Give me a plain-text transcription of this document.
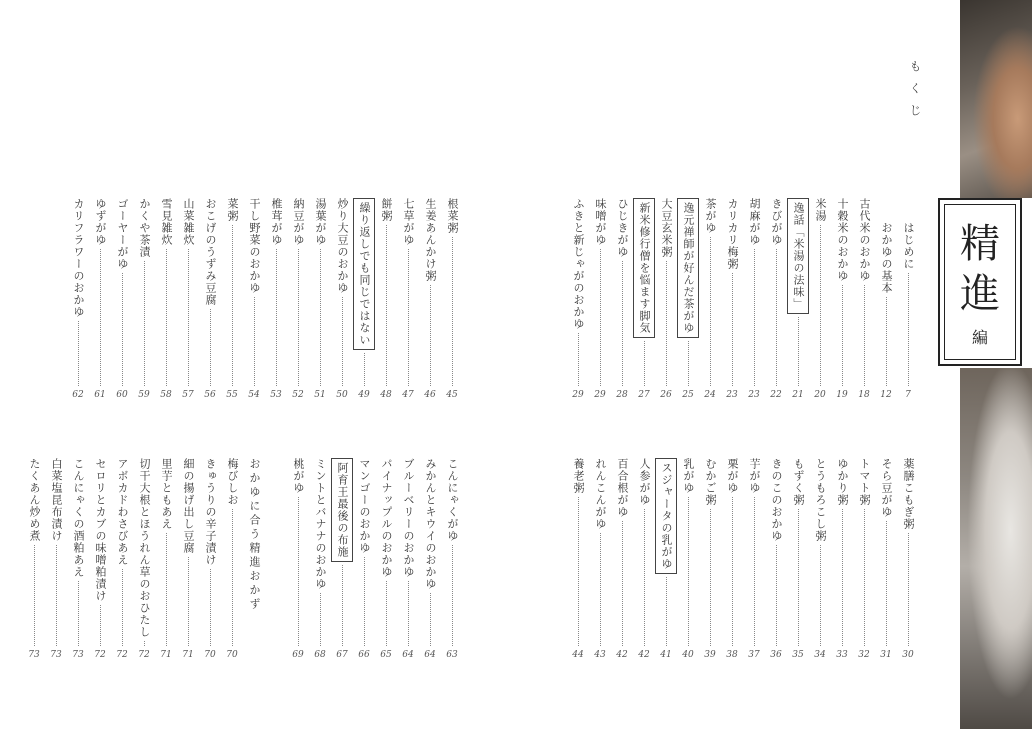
もくじ
精
進
編
はじめに
7
おかゆの基本
12
古代米のおかゆ
18
十穀米のおかゆ
19
米湯
20
逸話「米湯の法味」
21
きびがゆ
22
胡麻がゆ
23
カリカリ梅粥
23
茶がゆ
24
逸元禅師が好んだ茶がゆ
25
大豆玄米粥
26
新米修行僧を悩ます脚気
27
ひじきがゆ
28
味噌がゆ
29
ふきと新じゃがのおかゆ
29
薬膳こもぎ粥
30
そら豆がゆ
31
トマト粥
32
ゆかり粥
33
とうもろこし粥
34
もずく粥
35
きのこのおかゆ
36
芋がゆ
37
栗がゆ
38
むかご粥
39
乳がゆ
40
スジャータの乳がゆ
41
人参がゆ
42
百合根がゆ
42
れんこんがゆ
43
養老粥
44
根菜粥
45
生姜あんかけ粥
46
七草がゆ
47
餅粥
48
繰り返しでも同じではない
49
炒り大豆のおかゆ
50
湯葉がゆ
51
納豆がゆ
52
椎茸がゆ
53
干し野菜のおかゆ
54
菜粥
55
おこげのうずみ豆腐
56
山菜雑炊
57
雪見雑炊
58
かくや茶漬
59
ゴーヤーがゆ
60
ゆずがゆ
61
カリフラワーのおかゆ
62
こんにゃくがゆ
63
みかんとキウイのおかゆ
64
ブルーベリーのおかゆ
64
パイナップルのおかゆ
65
マンゴーのおかゆ
66
阿育王最後の布施
67
ミントとバナナのおかゆ
68
桃がゆ
69
おかゆに合う精進おかず
梅びしお
70
きゅうりの辛子漬け
70
細の揚げ出し豆腐
71
里芋ともあえ
71
切干大根とほうれん草のおひたし
72
アボカドわさびあえ
72
セロリとカブの味噌粕漬け
72
こんにゃくの酒粕あえ
73
白菜塩昆布漬け
73
たくあん炒め煮
73
